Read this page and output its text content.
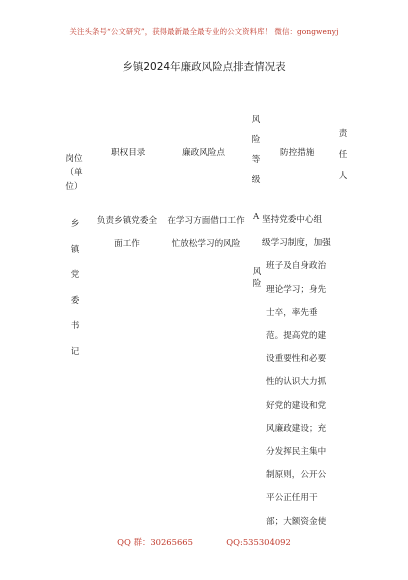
关注头条号“公文研究”，获得最新最全最专业的公文资料库！ 微信：gongwenyj
乡镇2024年廉政风险点排查情况表
岗位
（单
位）
职权目录	廉政风险点
风
险
等
级
防控措施
责
任
人
乡
镇
党
委
书
记
负责乡镇党委全
面工作
在学习方面借口工作
忙放松学习的风险
A
风
险
坚持党委中心组
级学习制度，加强
班子及自身政治
理论学习；身先
士卒，率先垂
范。提高党的建
设重要性和必要
性的认识大力抓
好党的建设和党
风廉政建设；充
分发挥民主集中
制原则，公开公
平公正任用干
部；大额资金使
QQ 群：30265665	QQ:535304092
